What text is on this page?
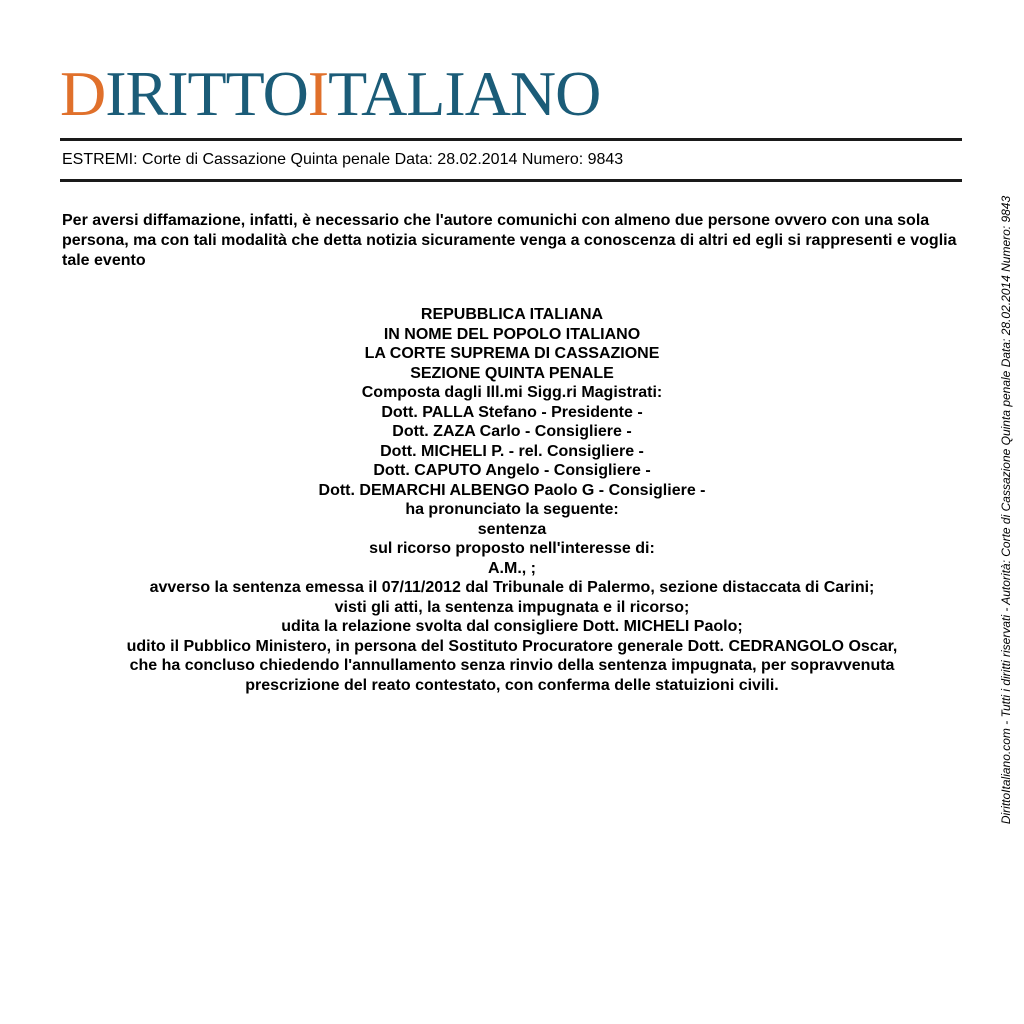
DIRITTOITALIANO
ESTREMI: Corte di Cassazione Quinta penale Data: 28.02.2014 Numero: 9843
Per aversi diffamazione, infatti, è necessario che l'autore comunichi con almeno due persone ovvero con una sola persona, ma con tali modalità che detta notizia sicuramente venga a conoscenza di altri ed egli si rappresenti e voglia tale evento
REPUBBLICA ITALIANA
IN NOME DEL POPOLO ITALIANO
LA CORTE SUPREMA DI CASSAZIONE
SEZIONE QUINTA PENALE
Composta dagli Ill.mi Sigg.ri Magistrati:
Dott. PALLA Stefano - Presidente -
Dott. ZAZA Carlo - Consigliere -
Dott. MICHELI P. - rel. Consigliere -
Dott. CAPUTO Angelo - Consigliere -
Dott. DEMARCHI ALBENGO Paolo G - Consigliere -
ha pronunciato la seguente:
sentenza
sul ricorso proposto nell'interesse di:
A.M., ;
avverso la sentenza emessa il 07/11/2012 dal Tribunale di Palermo, sezione distaccata di Carini;
visti gli atti, la sentenza impugnata e il ricorso;
udita la relazione svolta dal consigliere Dott. MICHELI Paolo;
udito il Pubblico Ministero, in persona del Sostituto Procuratore generale Dott. CEDRANGOLO Oscar,
che ha concluso chiedendo l'annullamento senza rinvio della sentenza impugnata, per sopravvenuta
prescrizione del reato contestato, con conferma delle statuizioni civili.	DirittoItaliano.com - Tutti i diritti riservati - Autorità: Corte di Cassazione Quinta penale Data: 28.02.2014 Numero: 9843
